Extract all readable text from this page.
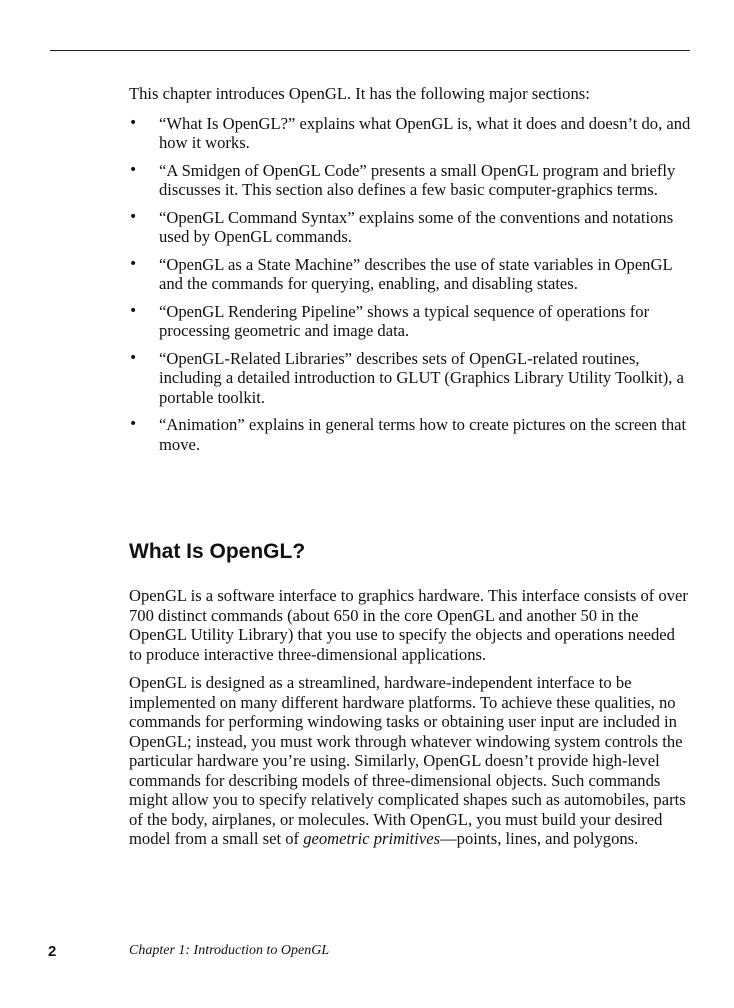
This chapter introduces OpenGL. It has the following major sections:

• “What Is OpenGL?” explains what OpenGL is, what it does and doesn’t do, and how it works.
• “A Smidgen of OpenGL Code” presents a small OpenGL program and briefly discusses it. This section also defines a few basic computer-graphics terms.
• “OpenGL Command Syntax” explains some of the conventions and notations used by OpenGL commands.
• “OpenGL as a State Machine” describes the use of state variables in OpenGL and the commands for querying, enabling, and disabling states.
• “OpenGL Rendering Pipeline” shows a typical sequence of operations for processing geometric and image data.
• “OpenGL-Related Libraries” describes sets of OpenGL-related routines, including a detailed introduction to GLUT (Graphics Library Utility Toolkit), a portable toolkit.
• “Animation” explains in general terms how to create pictures on the screen that move.
What Is OpenGL?

OpenGL is a software interface to graphics hardware. This interface consists of over 700 distinct commands (about 650 in the core OpenGL and another 50 in the OpenGL Utility Library) that you use to specify the objects and operations needed to produce interactive three-dimensional applications.

OpenGL is designed as a streamlined, hardware-independent interface to be implemented on many different hardware platforms. To achieve these qualities, no commands for performing windowing tasks or obtaining user input are included in OpenGL; instead, you must work through whatever windowing system controls the particular hardware you’re using. Similarly, OpenGL doesn’t provide high-level commands for describing models of three-dimensional objects. Such commands might allow you to specify relatively complicated shapes such as automobiles, parts of the body, airplanes, or molecules. With OpenGL, you must build your desired model from a small set of geometric primitives—points, lines, and polygons.

2	Chapter 1: Introduction to OpenGL
